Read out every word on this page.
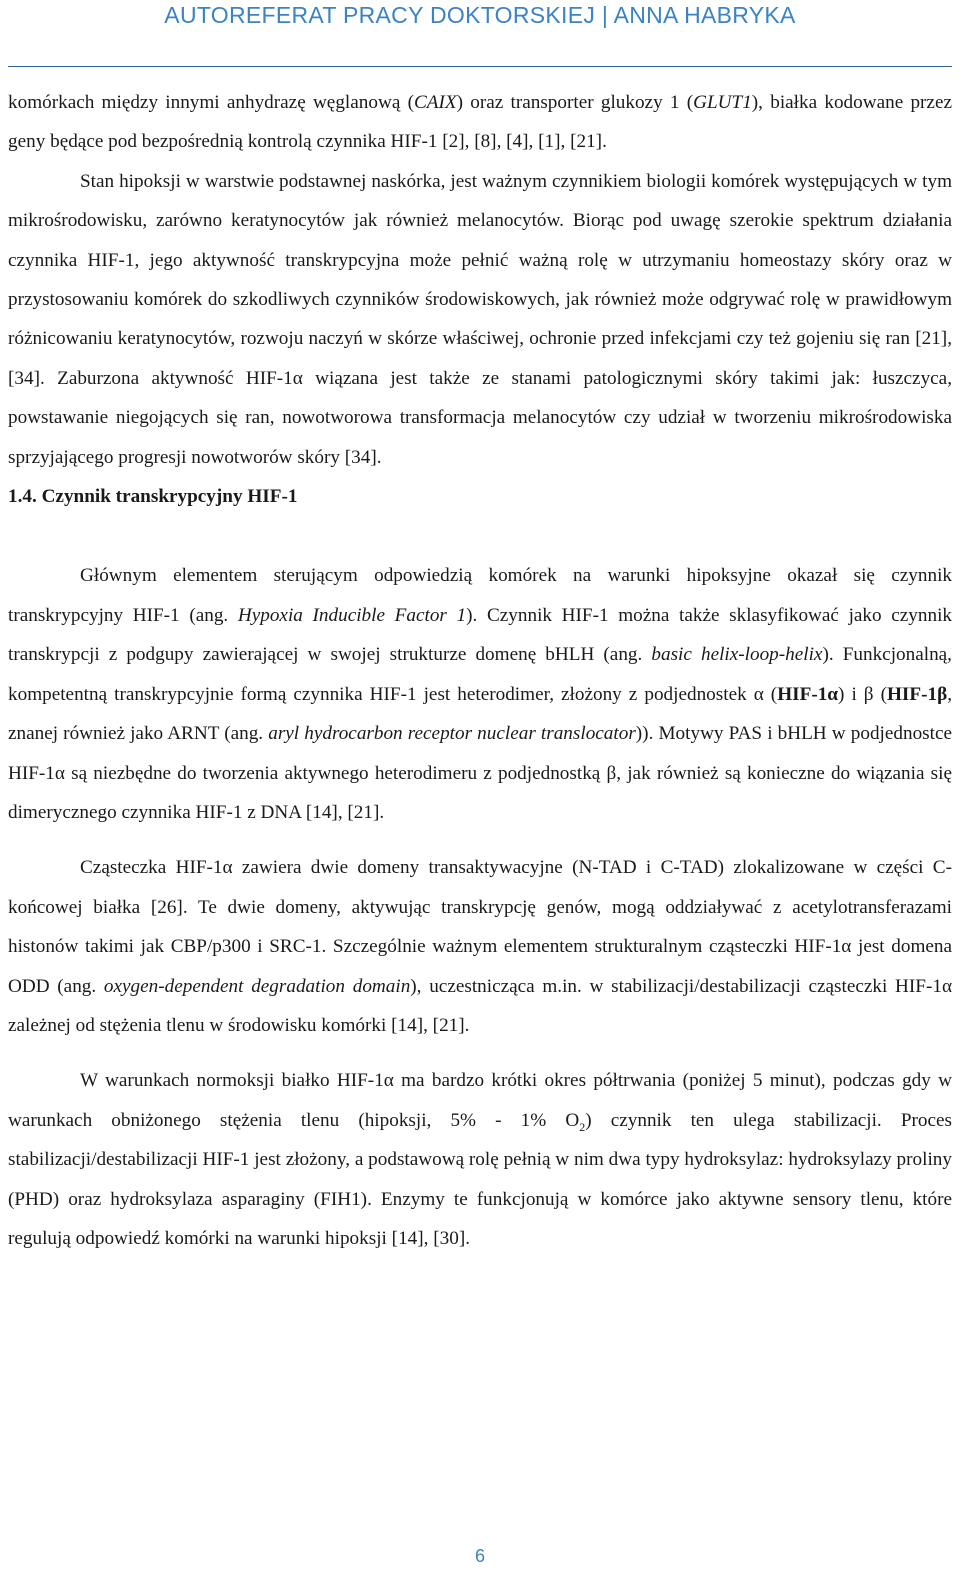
AUTOREFERAT PRACY DOKTORSKIEJ | ANNA HABRYKA

komórkach między innymi anhydrazę węglanową (CAIX) oraz transporter glukozy 1 (GLUT1), białka kodowane przez geny będące pod bezpośrednią kontrolą czynnika HIF-1 [2], [8], [4], [1], [21].

Stan hipoksji w warstwie podstawnej naskórka, jest ważnym czynnikiem biologii komórek występujących w tym mikrośrodowisku, zarówno keratynocytów jak również melanocytów. Biorąc pod uwagę szerokie spektrum działania czynnika HIF-1, jego aktywność transkrypcyjna może pełnić ważną rolę w utrzymaniu homeostazy skóry oraz w przystosowaniu komórek do szkodliwych czynników środowiskowych, jak również może odgrywać rolę w prawidłowym różnicowaniu keratynocytów, rozwoju naczyń w skórze właściwej, ochronie przed infekcjami czy też gojeniu się ran [21], [34]. Zaburzona aktywność HIF-1α wiązana jest także ze stanami patologicznymi skóry takimi jak: łuszczyca, powstawanie niegojących się ran, nowotworowa transformacja melanocytów czy udział w tworzeniu mikrośrodowiska sprzyjającego progresji nowotworów skóry [34].

1.4. Czynnik transkrypcyjny HIF-1

Głównym elementem sterującym odpowiedzią komórek na warunki hipoksyjne okazał się czynnik transkrypcyjny HIF-1 (ang. Hypoxia Inducible Factor 1). Czynnik HIF-1 można także sklasyfikować jako czynnik transkrypcji z podgupy zawierającej w swojej strukturze domenę bHLH (ang. basic helix-loop-helix). Funkcjonalną, kompetentną transkrypcyjnie formą czynnika HIF-1 jest heterodimer, złożony z podjednostek α (HIF-1α) i β (HIF-1β, znanej również jako ARNT (ang. aryl hydrocarbon receptor nuclear translocator)). Motywy PAS i bHLH w podjednostce HIF-1α są niezbędne do tworzenia aktywnego heterodimeru z podjednostką β, jak również są konieczne do wiązania się dimerycznego czynnika HIF-1 z DNA [14], [21].

Cząsteczka HIF-1α zawiera dwie domeny transaktywacyjne (N-TAD i C-TAD) zlokalizowane w części C-końcowej białka [26]. Te dwie domeny, aktywując transkrypcję genów, mogą oddziaływać z acetylotransferazami histonów takimi jak CBP/p300 i SRC-1. Szczególnie ważnym elementem strukturalnym cząsteczki HIF-1α jest domena ODD (ang. oxygen-dependent degradation domain), uczestnicząca m.in. w stabilizacji/destabilizacji cząsteczki HIF-1α zależnej od stężenia tlenu w środowisku komórki [14], [21].

W warunkach normoksji białko HIF-1α ma bardzo krótki okres półtrwania (poniżej 5 minut), podczas gdy w warunkach obniżonego stężenia tlenu (hipoksji, 5% - 1% $O_2$) czynnik ten ulega stabilizacji. Proces stabilizacji/destabilizacji HIF-1 jest złożony, a podstawową rolę pełnią w nim dwa typy hydroksylaz: hydroksylazy proliny (PHD) oraz hydroksylaza asparaginy (FIH1). Enzymy te funkcjonują w komórce jako aktywne sensory tlenu, które regulują odpowiedź komórki na warunki hipoksji [14], [30].

6
